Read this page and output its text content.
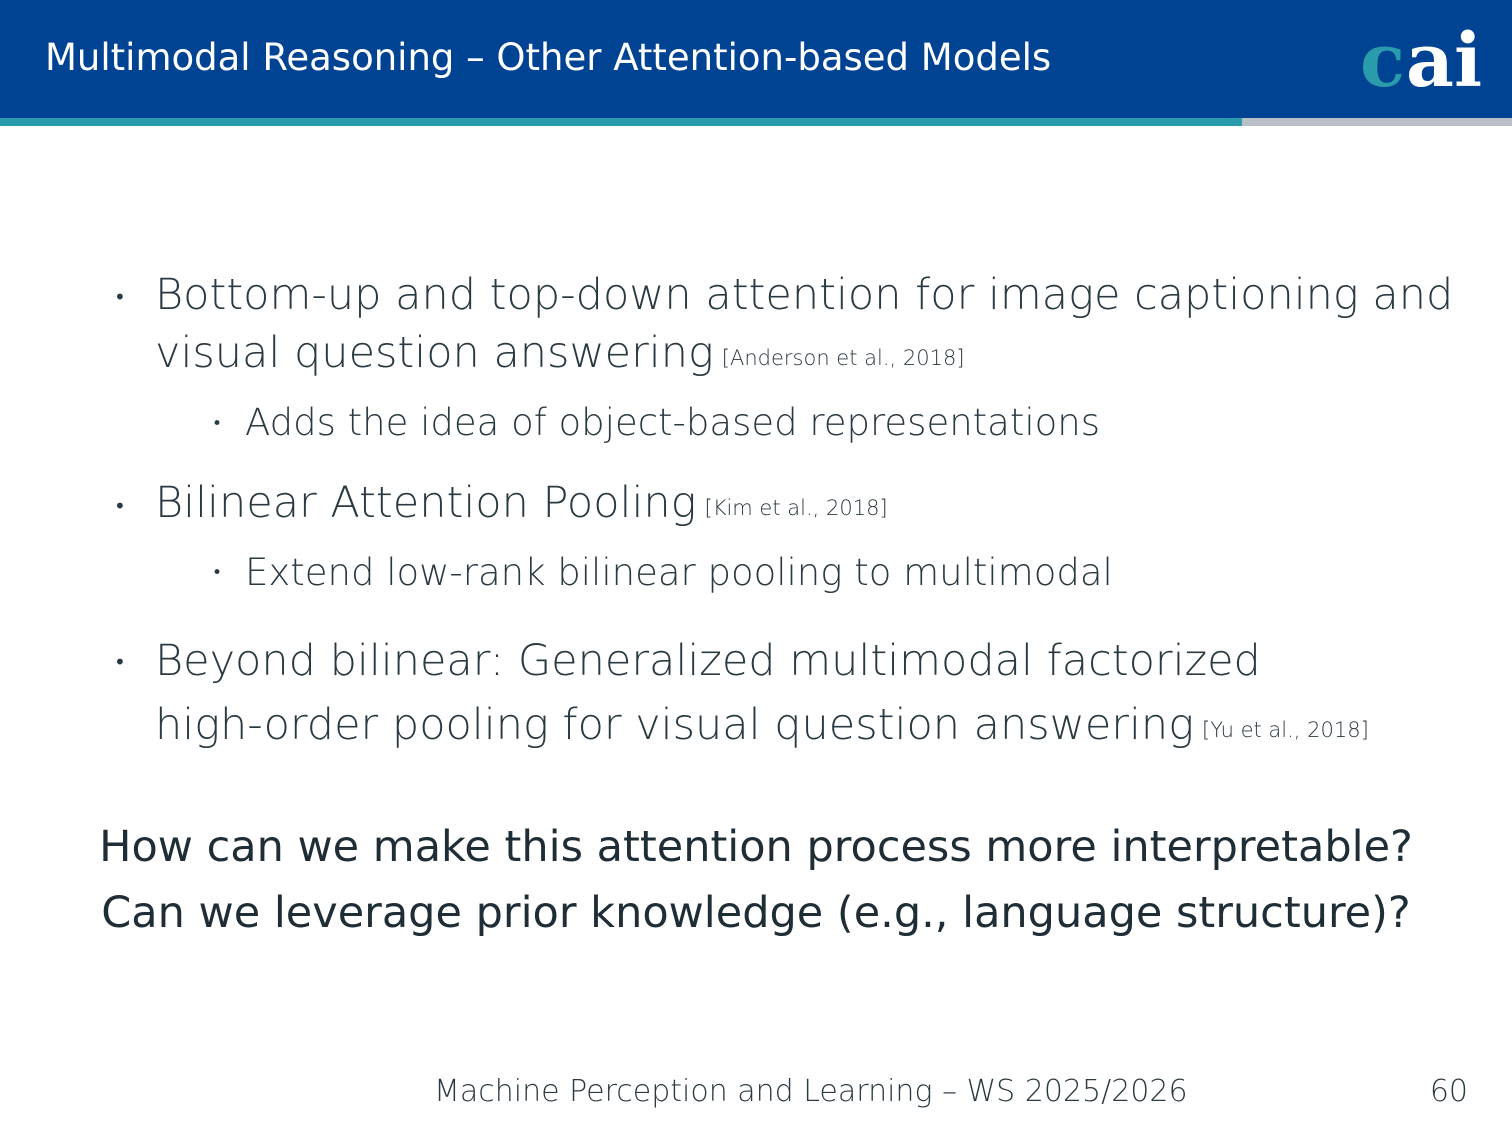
Multimodal Reasoning – Other Attention-based Models	c ai
• Bottom-up and top-down attention for image captioning and
visual question answering [Anderson et al., 2018]
• Adds the idea of object-based representations
• Bilinear Attention Pooling [Kim et al., 2018]
• Extend low-rank bilinear pooling to multimodal
• Beyond bilinear: Generalized multimodal factorized
high-order pooling for visual question answering [Yu et al., 2018]
How can we make this attention process more interpretable?
Can we leverage prior knowledge (e.g., language structure)?
Machine Perception and Learning – WS 2025/2026	60
